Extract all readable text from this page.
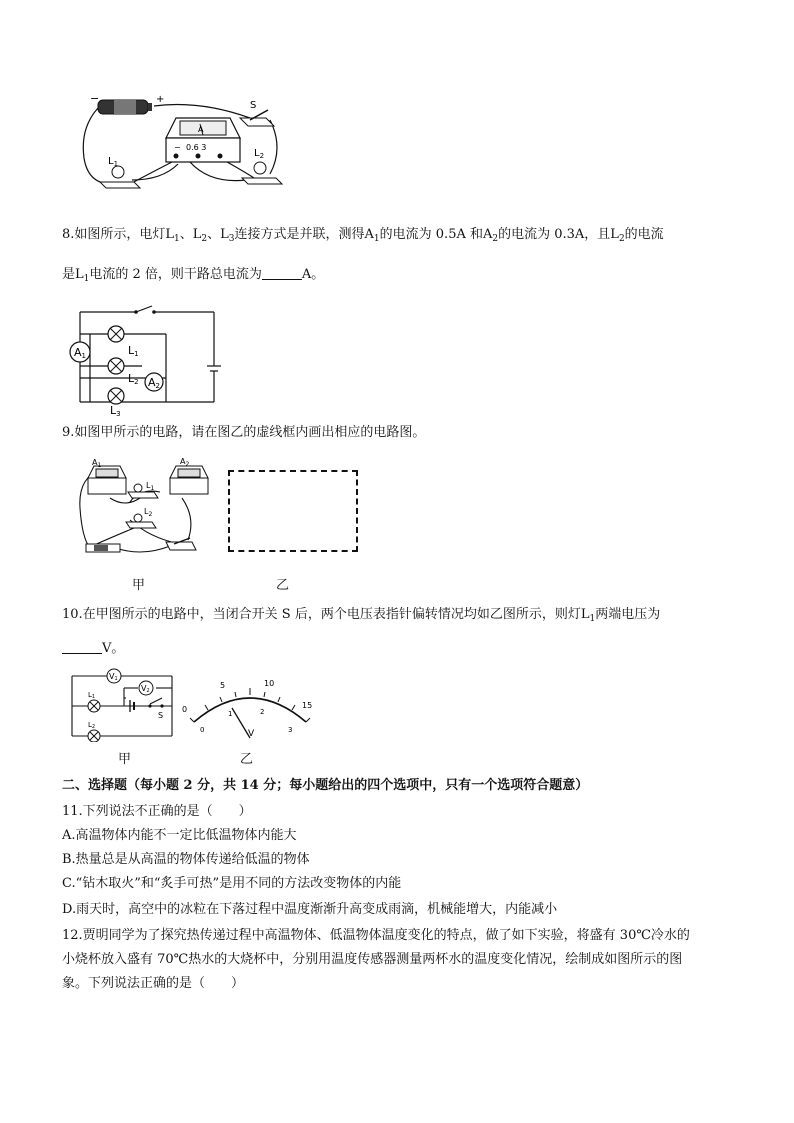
−	+
A
− 0.6 3
S
$L_1$
$L_2$
8.如图所示，电灯$L_1$、$L_2$、$L_3$连接方式是并联，测得$A_1$的电流为 0.5A 和$A_2$的电流为 0.3A，且$L_2$的电流
是$L_1$电流的 2 倍，则干路总电流为	A。
A1
A2
L1
L2
L3
9.如图甲所示的电路，请在图乙的虚线框内画出相应的电路图。
$A_1$	$A_2$
$L_1$
$L_2$
甲	乙
10.在甲图所示的电路中，当闭合开关 S 后，两个电压表指针偏转情况均如乙图所示，则灯$L_1$两端电压为
V。
S
V1
V2
L1
L2
甲
0
5	10
15
0
1	2
3
V
乙
二、选择题（每小题 2 分，共 14 分；每小题给出的四个选项中，只有一个选项符合题意）
11.下列说法不正确的是（　　）
A.高温物体内能不一定比低温物体内能大
B.热量总是从高温的物体传递给低温的物体
C.“钻木取火”和“炙手可热”是用不同的方法改变物体的内能
D.雨天时，高空中的冰粒在下落过程中温度渐渐升高变成雨滴，机械能增大，内能减小
12.贾明同学为了探究热传递过程中高温物体、低温物体温度变化的特点，做了如下实验，将盛有 30℃冷水的
小烧杯放入盛有 70℃热水的大烧杯中，分别用温度传感器测量两杯水的温度变化情况，绘制成如图所示的图
象。下列说法正确的是（　　）
